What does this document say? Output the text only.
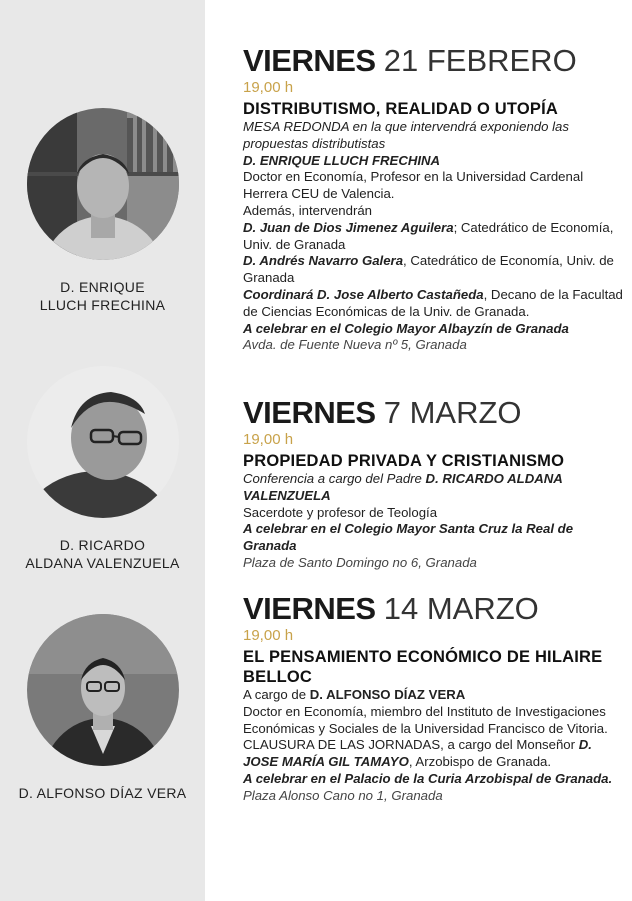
D. ENRIQUE
LLUCH FRECHINA
D. RICARDO
ALDANA VALENZUELA
D. ALFONSO DÍAZ VERA
VIERNES 21 FEBRERO
19,00 h
DISTRIBUTISMO, REALIDAD O UTOPÍA
MESA REDONDA en la que intervendrá exponiendo las propuestas distributistas
D. ENRIQUE LLUCH FRECHINA
Doctor en Economía, Profesor en la Universidad Cardenal Herrera CEU de Valencia.
Además, intervendrán
D. Juan de Dios Jimenez Aguilera; Catedrático de Economía, Univ. de Granada
D. Andrés Navarro Galera, Catedrático de Economía, Univ. de Granada
Coordinará D. Jose Alberto Castañeda, Decano de la Facultad de Ciencias Económicas de la Univ. de Granada.
A celebrar en el Colegio Mayor Albayzín de Granada
Avda. de Fuente Nueva nº 5, Granada
VIERNES 7 MARZO
19,00 h
PROPIEDAD PRIVADA Y CRISTIANISMO
Conferencia a cargo del Padre D. RICARDO ALDANA VALENZUELA
Sacerdote y profesor de Teología
A celebrar en el Colegio Mayor Santa Cruz la Real de Granada
Plaza de Santo Domingo no 6, Granada
VIERNES 14 MARZO
19,00 h
EL PENSAMIENTO ECONÓMICO DE HILAIRE BELLOC
A cargo de D. ALFONSO DÍAZ VERA
Doctor en Economía, miembro del Instituto de Investigaciones Económicas y Sociales de la Universidad Francisco de Vitoria.
CLAUSURA DE LAS JORNADAS, a cargo del Monseñor D. JOSE MARÍA GIL TAMAYO, Arzobispo de Granada.
A celebrar en el Palacio de la Curia Arzobispal de Granada.
Plaza Alonso Cano no 1, Granada
